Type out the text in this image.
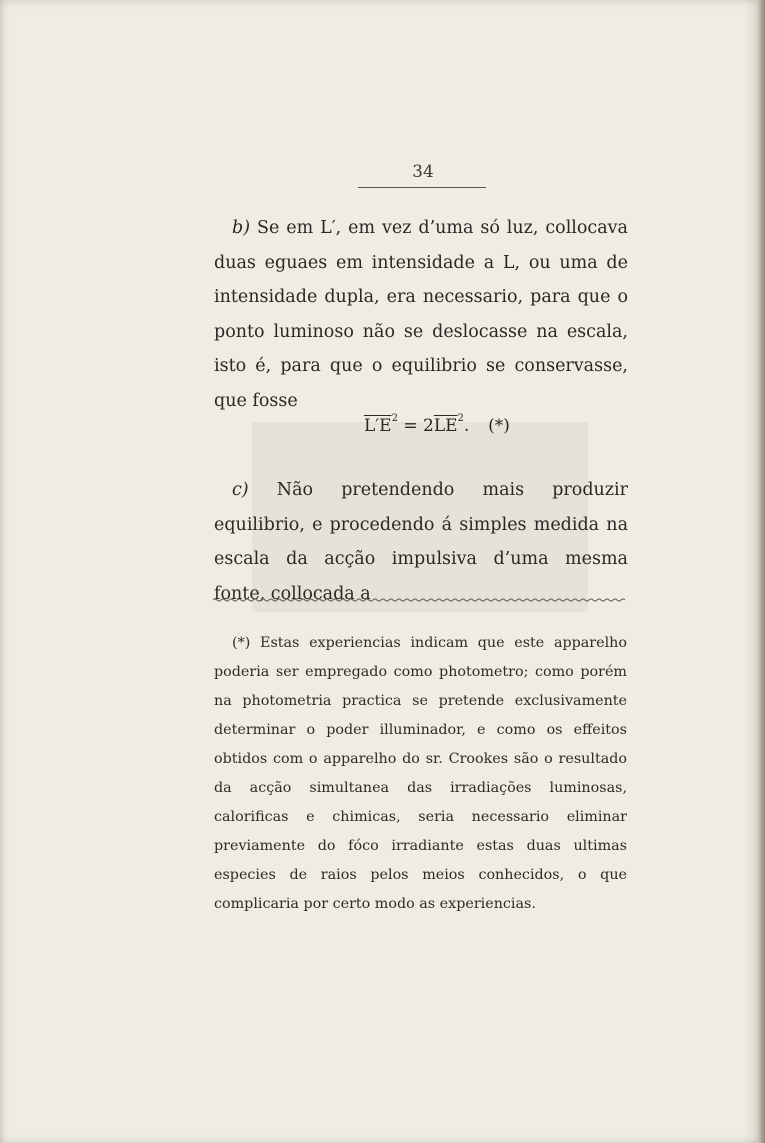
34

b) Se em L′, em vez d’uma só luz, collocava duas eguaes em intensidade a L, ou uma de intensidade dupla, era necessario, para que o ponto luminoso não se deslocasse na escala, isto é, para que o equilibrio se conservasse, que fosse

$L'E^2 = 2\overline{LE}^2$. (*)
c) Não pretendendo mais produzir equilibrio, e procedendo á simples medida na escala da acção impulsiva d’uma mesma fonte, collocada a
(*) Estas experiencias indicam que este apparelho poderia ser empregado como photometro; como porém na photometria practica se pretende exclusivamente determinar o poder illuminador, e como os effeitos obtidos com o apparelho do sr. Crookes são o resultado da acção simultanea das irradiações luminosas, calorificas e chimicas, seria necessario eliminar previamente do fóco irradiante estas duas ultimas especies de raios pelos meios conhecidos, o que complicaria por certo modo as experiencias.
